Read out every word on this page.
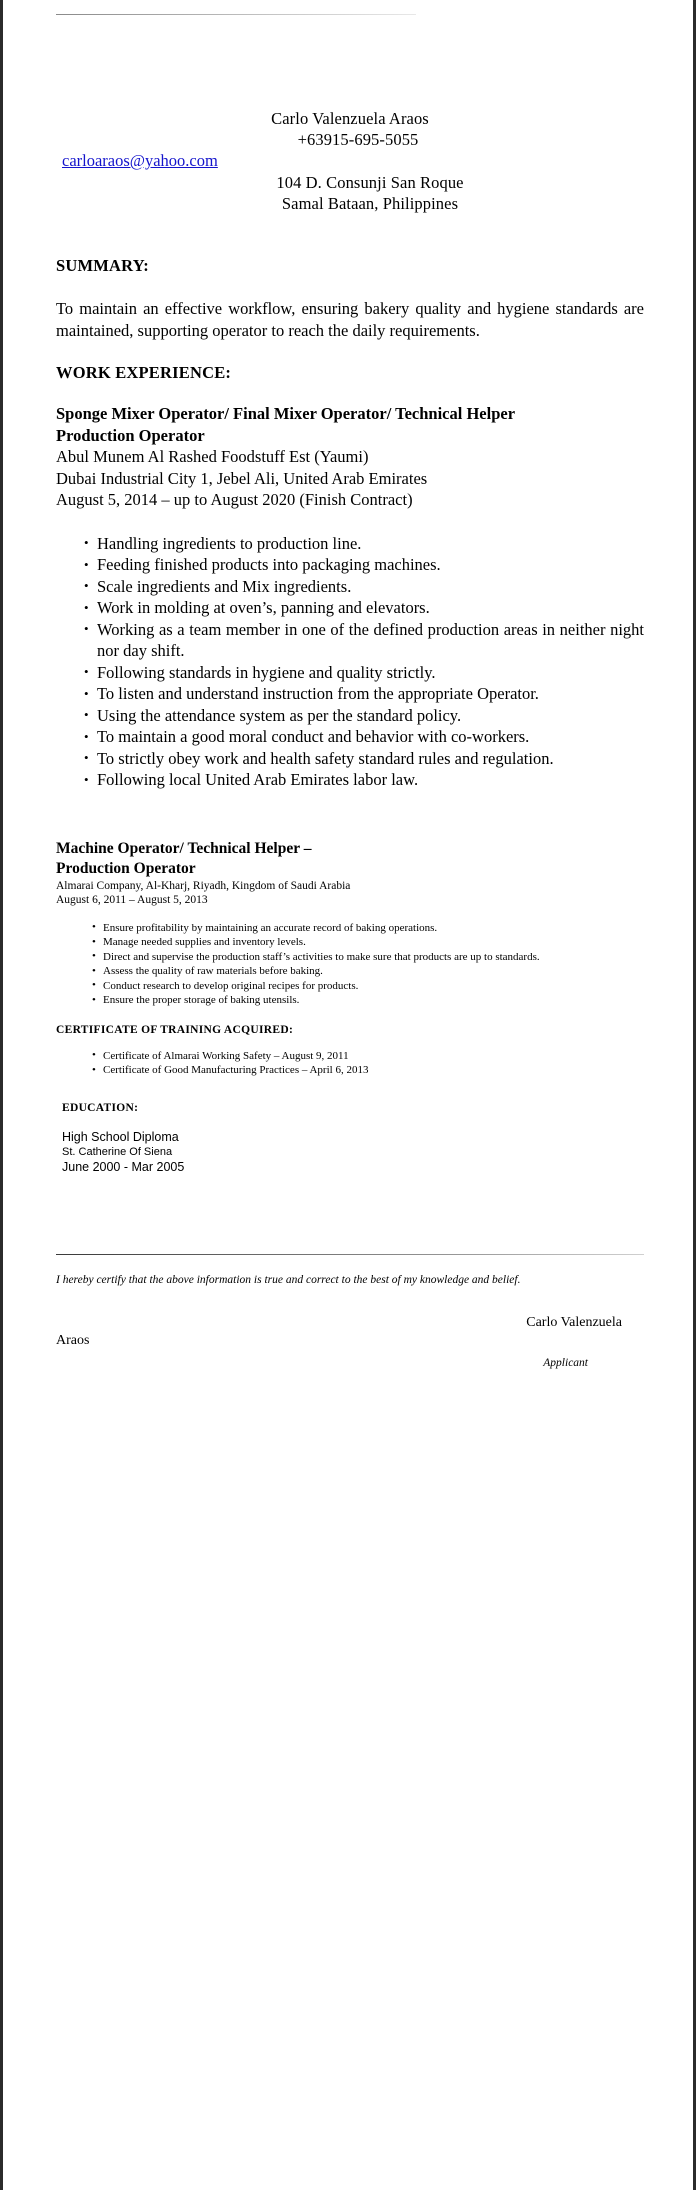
Carlo Valenzuela Araos
+63915-695-5055
carloaraos@yahoo.com
104 D. Consunji San Roque
Samal Bataan, Philippines
SUMMARY:

To maintain an effective workflow, ensuring bakery quality and hygiene standards are maintained, supporting operator to reach the daily requirements.

WORK EXPERIENCE:

Sponge Mixer Operator/ Final Mixer Operator/ Technical Helper

Production Operator

Abul Munem Al Rashed Foodstuff Est (Yaumi)

Dubai Industrial City 1, Jebel Ali, United Arab Emirates

August 5, 2014 – up to August 2020 (Finish Contract)

• Handling ingredients to production line.
• Feeding finished products into packaging machines.
• Scale ingredients and Mix ingredients.
• Work in molding at oven’s, panning and elevators.
• Working as a team member in one of the defined production areas in neither night nor day shift.
• Following standards in hygiene and quality strictly.
• To listen and understand instruction from the appropriate Operator.
• Using the attendance system as per the standard policy.
• To maintain a good moral conduct and behavior with co-workers.
• To strictly obey work and health safety standard rules and regulation.
• Following local United Arab Emirates labor law.

Machine Operator/ Technical Helper –

Production Operator

Almarai Company, Al-Kharj, Riyadh, Kingdom of Saudi Arabia

August 6, 2011 – August 5, 2013

• Ensure profitability by maintaining an accurate record of baking operations.
• Manage needed supplies and inventory levels.
• Direct and supervise the production staff’s activities to make sure that products are up to standards.
• Assess the quality of raw materials before baking.
• Conduct research to develop original recipes for products.
• Ensure the proper storage of baking utensils.
CERTIFICATE OF TRAINING ACQUIRED:
• Certificate of Almarai Working Safety – August 9, 2011
• Certificate of Good Manufacturing Practices – April 6, 2013
EDUCATION:
High School Diploma
St. Catherine Of Siena
June 2000 - Mar 2005

I hereby certify that the above information is true and correct to the best of my knowledge and belief.

Carlo Valenzuela
Araos
Applicant
